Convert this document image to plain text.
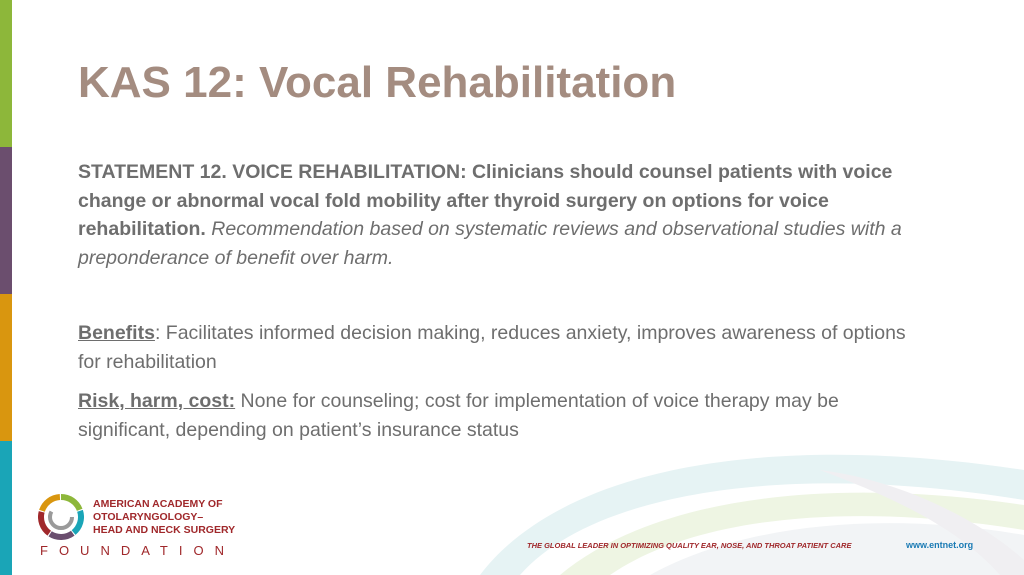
KAS 12: Vocal Rehabilitation

STATEMENT 12. VOICE REHABILITATION: Clinicians should counsel patients with voice change or abnormal vocal fold mobility after thyroid surgery on options for voice rehabilitation. Recommendation based on systematic reviews and observational studies with a preponderance of benefit over harm.

Benefits: Facilitates informed decision making, reduces anxiety, improves awareness of options for rehabilitation

Risk, harm, cost: None for counseling; cost for implementation of voice therapy may be significant, depending on patient’s insurance status

AMERICAN ACADEMY OF
OTOLARYNGOLOGY–
HEAD AND NECK SURGERY
FOUNDATION	THE GLOBAL LEADER IN OPTIMIZING QUALITY EAR, NOSE, AND THROAT PATIENT CARE	www.entnet.org
